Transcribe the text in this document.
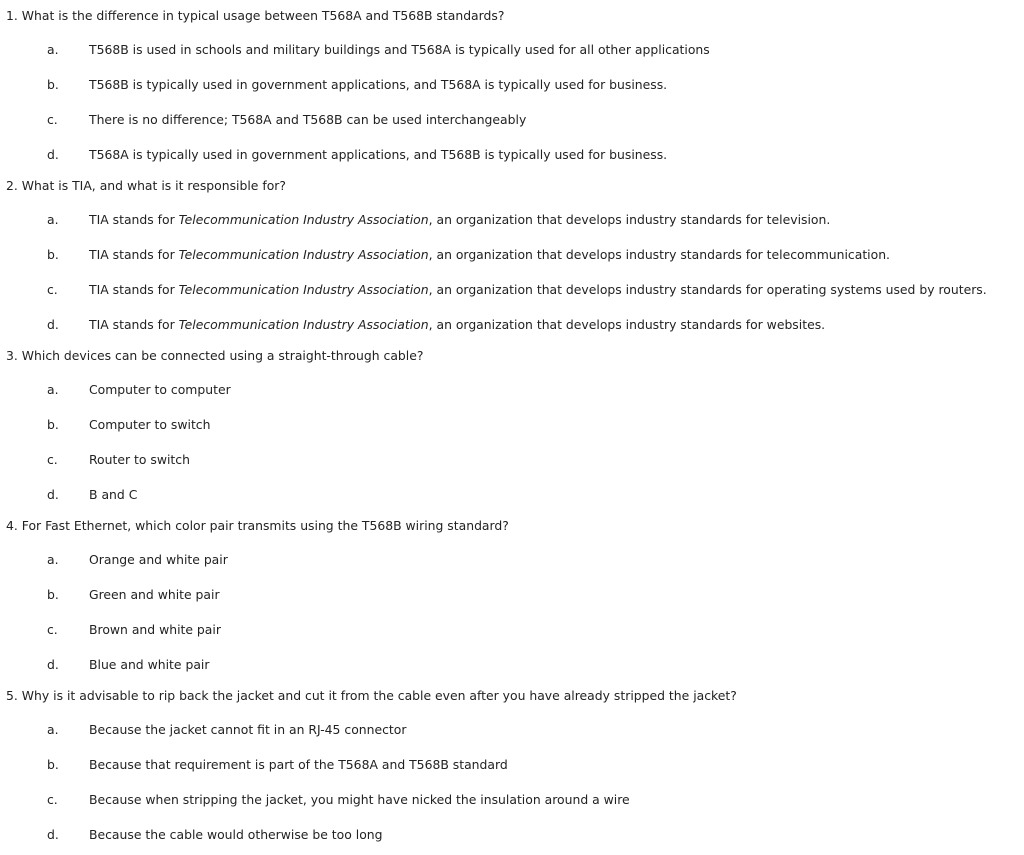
1. What is the difference in typical usage between T568A and T568B standards?
a. T568B is used in schools and military buildings and T568A is typically used for all other applications
b. T568B is typically used in government applications, and T568A is typically used for business.
c.	There is no difference; T568A and T568B can be used interchangeably
d. T568A is typically used in government applications, and T568B is typically used for business.
2. What is TIA, and what is it responsible for?
a. TIA stands for Telecommunication Industry Association, an organization that develops industry standards for television.
b. TIA stands for Telecommunication Industry Association, an organization that develops industry standards for telecommunication.
c.	TIA stands for Telecommunication Industry Association, an organization that develops industry standards for operating systems used by routers.
d. TIA stands for Telecommunication Industry Association, an organization that develops industry standards for websites.
3. Which devices can be connected using a straight-through cable?
a. Computer to computer
b. Computer to switch
c.	Router to switch
d. B and C
4. For Fast Ethernet, which color pair transmits using the T568B wiring standard?
a. Orange and white pair
b. Green and white pair
c.	Brown and white pair
d. Blue and white pair
5. Why is it advisable to rip back the jacket and cut it from the cable even after you have already stripped the jacket?
a. Because the jacket cannot fit in an RJ-45 connector
b. Because that requirement is part of the T568A and T568B standard
c.	Because when stripping the jacket, you might have nicked the insulation around a wire
d. Because the cable would otherwise be too long
